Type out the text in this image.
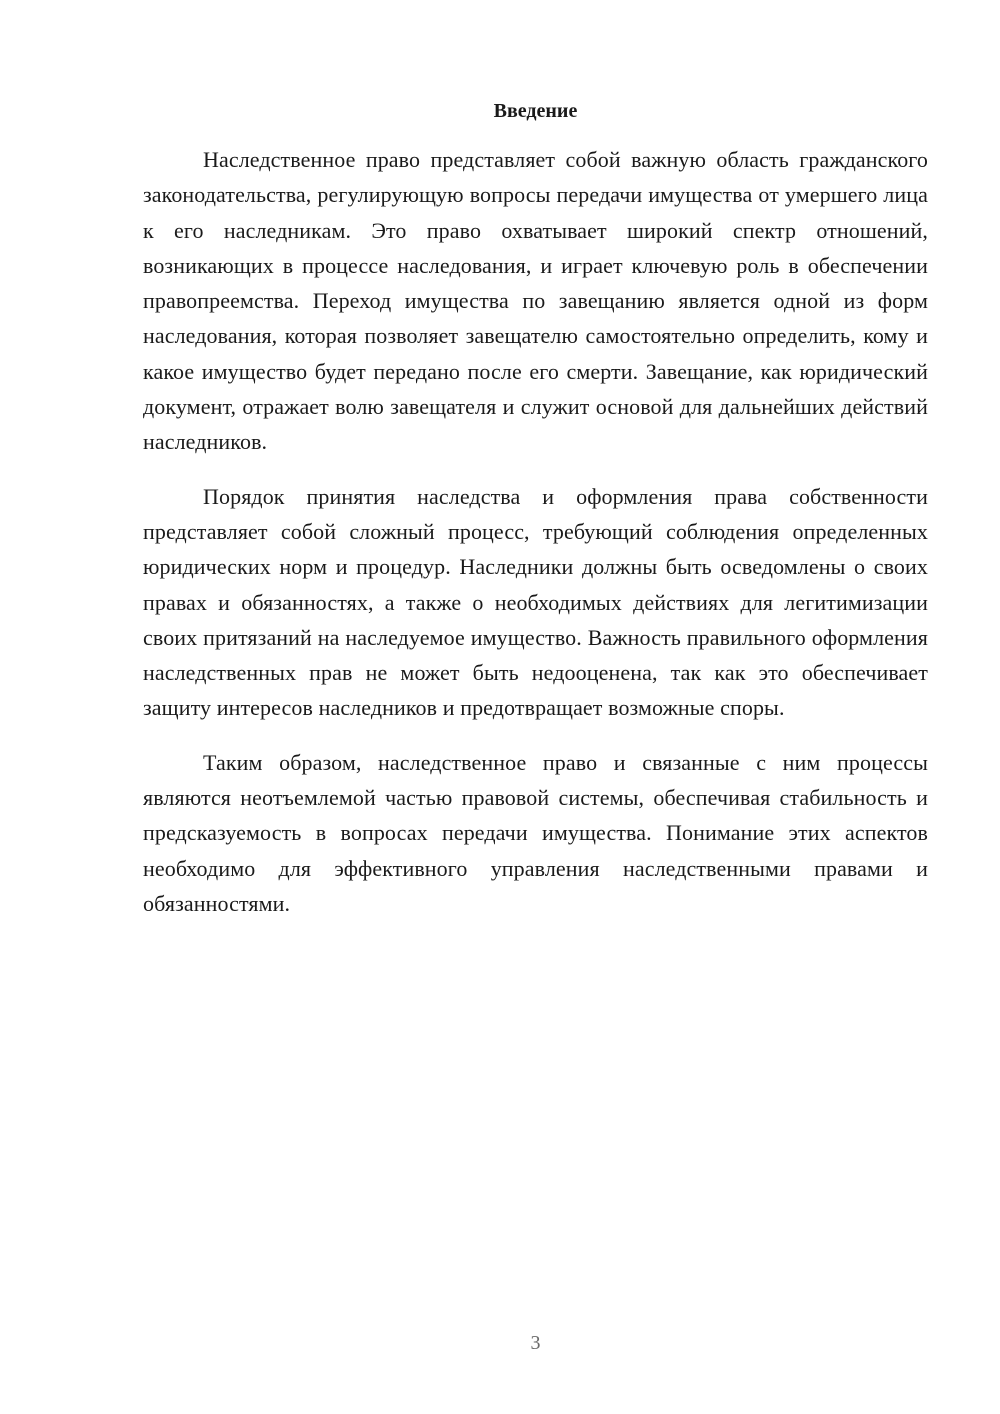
Введение

Наследственное право представляет собой важную область гражданского законодательства, регулирующую вопросы передачи имущества от умершего лица к его наследникам. Это право охватывает широкий спектр отношений, возникающих в процессе наследования, и играет ключевую роль в обеспечении правопреемства. Переход имущества по завещанию является одной из форм наследования, которая позволяет завещателю самостоятельно определить, кому и какое имущество будет передано после его смерти. Завещание, как юридический документ, отражает волю завещателя и служит основой для дальнейших действий наследников.

Порядок принятия наследства и оформления права собственности представляет собой сложный процесс, требующий соблюдения определенных юридических норм и процедур. Наследники должны быть осведомлены о своих правах и обязанностях, а также о необходимых действиях для легитимизации своих притязаний на наследуемое имущество. Важность правильного оформления наследственных прав не может быть недооценена, так как это обеспечивает защиту интересов наследников и предотвращает возможные споры.

Таким образом, наследственное право и связанные с ним процессы являются неотъемлемой частью правовой системы, обеспечивая стабильность и предсказуемость в вопросах передачи имущества. Понимание этих аспектов необходимо для эффективного управления наследственными правами и обязанностями.

3
